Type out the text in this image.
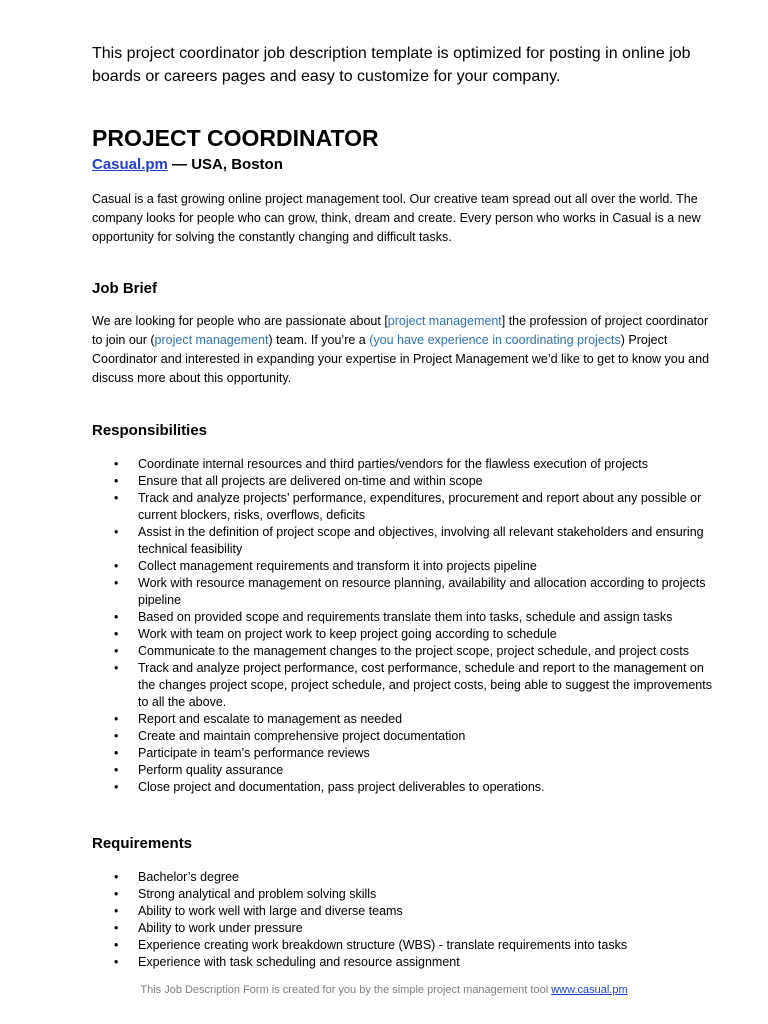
This project coordinator job description template is optimized for posting in online job boards or careers pages and easy to customize for your company.
PROJECT COORDINATOR
Casual.pm — USA, Boston
Casual is a fast growing online project management tool. Our creative team spread out all over the world. The company looks for people who can grow, think, dream and create. Every person who works in Casual is a new opportunity for solving the constantly changing and difficult tasks.
Job Brief
We are looking for people who are passionate about [project management] the profession of project coordinator to join our (project management) team. If you’re a (you have experience in coordinating projects) Project Coordinator and interested in expanding your expertise in Project Management we’d like to get to know you and discuss more about this opportunity.
Responsibilities
• Coordinate internal resources and third parties/vendors for the flawless execution of projects
• Ensure that all projects are delivered on-time and within scope
• Track and analyze projects’ performance, expenditures, procurement and report about any possible or current blockers, risks, overflows, deficits
• Assist in the definition of project scope and objectives, involving all relevant stakeholders and ensuring technical feasibility
• Collect management requirements and transform it into projects pipeline
• Work with resource management on resource planning, availability and allocation according to projects pipeline
• Based on provided scope and requirements translate them into tasks, schedule and assign tasks
• Work with team on project work to keep project going according to schedule
• Communicate to the management changes to the project scope, project schedule, and project costs
• Track and analyze project performance, cost performance, schedule and report to the management on the changes project scope, project schedule, and project costs, being able to suggest the improvements to all the above.
• Report and escalate to management as needed
• Create and maintain comprehensive project documentation
• Participate in team’s performance reviews
• Perform quality assurance
• Close project and documentation, pass project deliverables to operations.
Requirements
• Bachelor’s degree
• Strong analytical and problem solving skills
• Ability to work well with large and diverse teams
• Ability to work under pressure
• Experience creating work breakdown structure (WBS) - translate requirements into tasks
• Experience with task scheduling and resource assignment
This Job Description Form is created for you by the simple project management tool www.casual.pm
